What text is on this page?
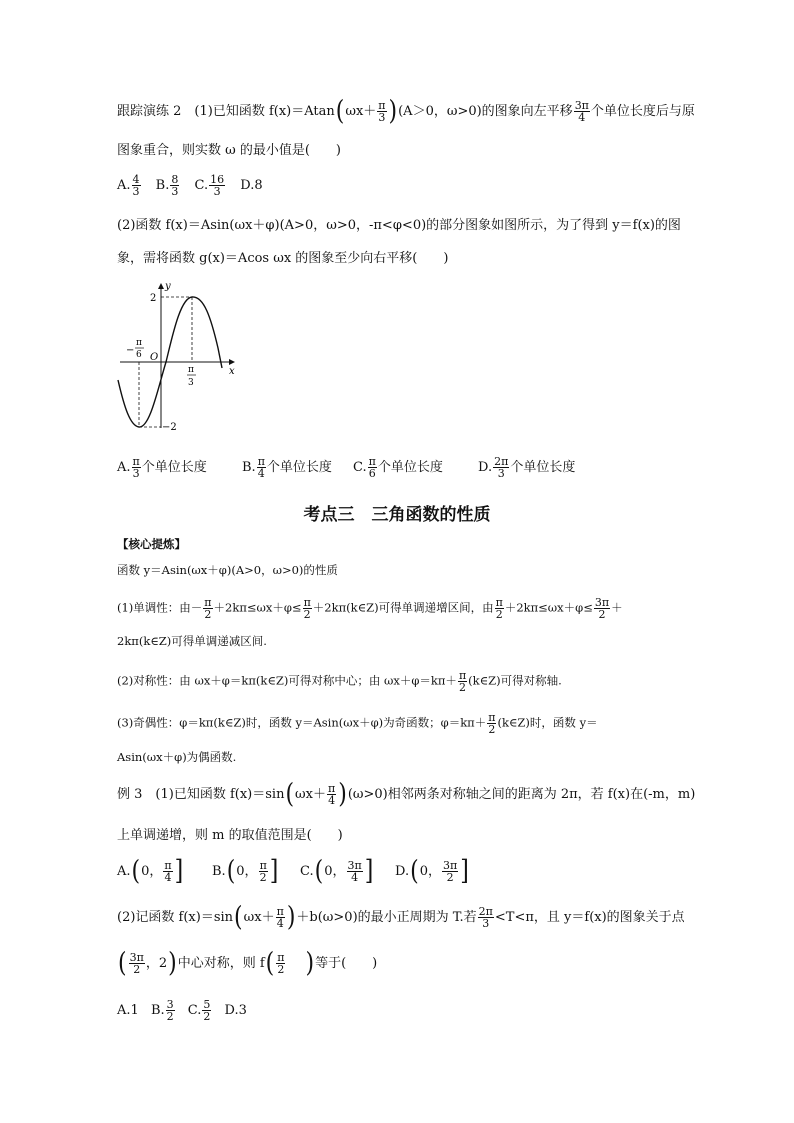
跟踪演练 2　(1)已知函数 $f(x)=Atan(\omega x+ \frac{\pi}{3} )(A>0$，ω>0)的图象向左平移 $\frac{3\pi}{4}$ 个单位长度后与原
图象重合，则实数 ω 的最小值是(　　)
A. $\frac{4}{3} B$. $\frac{8}{3} C$. $\frac{16}{3} D.8$
(2)函数 f(x)＝Asin(ωx＋φ)(A>0，ω>0，-π<φ<0)的部分图象如图所示，为了得到 y＝f(x)的图
象，需将函数 g(x)＝Acos ωx 的图象至少向右平移(　　)
y
x
O
2
−2
−
π
6
π
3
A. $\frac{\pi}{3}$ 个单位长度	B. $\frac{\pi}{4}$ 个单位长度 C. $\frac{\pi}{6}$ 个单位长度	D. $\frac{2\pi}{3}$ 个单位长度
考点三　三角函数的性质
【核心提炼】
函数 y＝Asin(ωx＋φ)(A>0，ω>0)的性质
(1)单调性：由－ $\frac{\pi}{2} +2k\pi\le\omega x+\varphi\le \frac{\pi}{2}$ ＋2kπ(k∈Z)可得单调递增区间，由 $\frac{\pi}{2} +2k\pi\le\omega x+\varphi\le \frac{3\pi}{2}$ ＋
2kπ(k∈Z)可得单调递减区间.
(2)对称性：由 ωx＋φ＝kπ(k∈Z)可得对称中心；由 $\omega x+\varphi=k\pi+ \frac{\pi}{2}$ (k∈Z)可得对称轴.
(3)奇偶性：φ＝kπ(k∈Z)时，函数 y＝Asin(ωx＋φ)为奇函数；$\varphi=k\pi+ \frac{\pi}{2}$ (k∈Z)时，函数 y＝
Asin(ωx＋φ)为偶函数.
例 3　(1)已知函数 $f(x)=\sin(\omega x+ \frac{\pi}{4} )(\omega>0)$相邻两条对称轴之间的距离为 2π，若 f(x)在(-m，m)
上单调递增，则 m 的取值范围是(　　)
A.(0， $\frac{\pi}{4}$ ] B.(0， $\frac{\pi}{2}$ ] C.(0， $\frac{3\pi}{4}$ ] D.(0， $\frac{3\pi}{2}$ ]
(2)记函数 $f(x)=\sin(\omega x+ \frac{\pi}{4} )+b(\omega>0)$的最小正周期为 T.若 $\frac{2\pi}{3} <T<\pi$，且 y＝f(x)的图象关于点
( $\frac{3\pi}{2}$ ，2)中心对称，则 $f( \frac{\pi}{2}$ )等于(　　)
A.1 B. $\frac{3}{2} C$. $\frac{5}{2} D.3$
